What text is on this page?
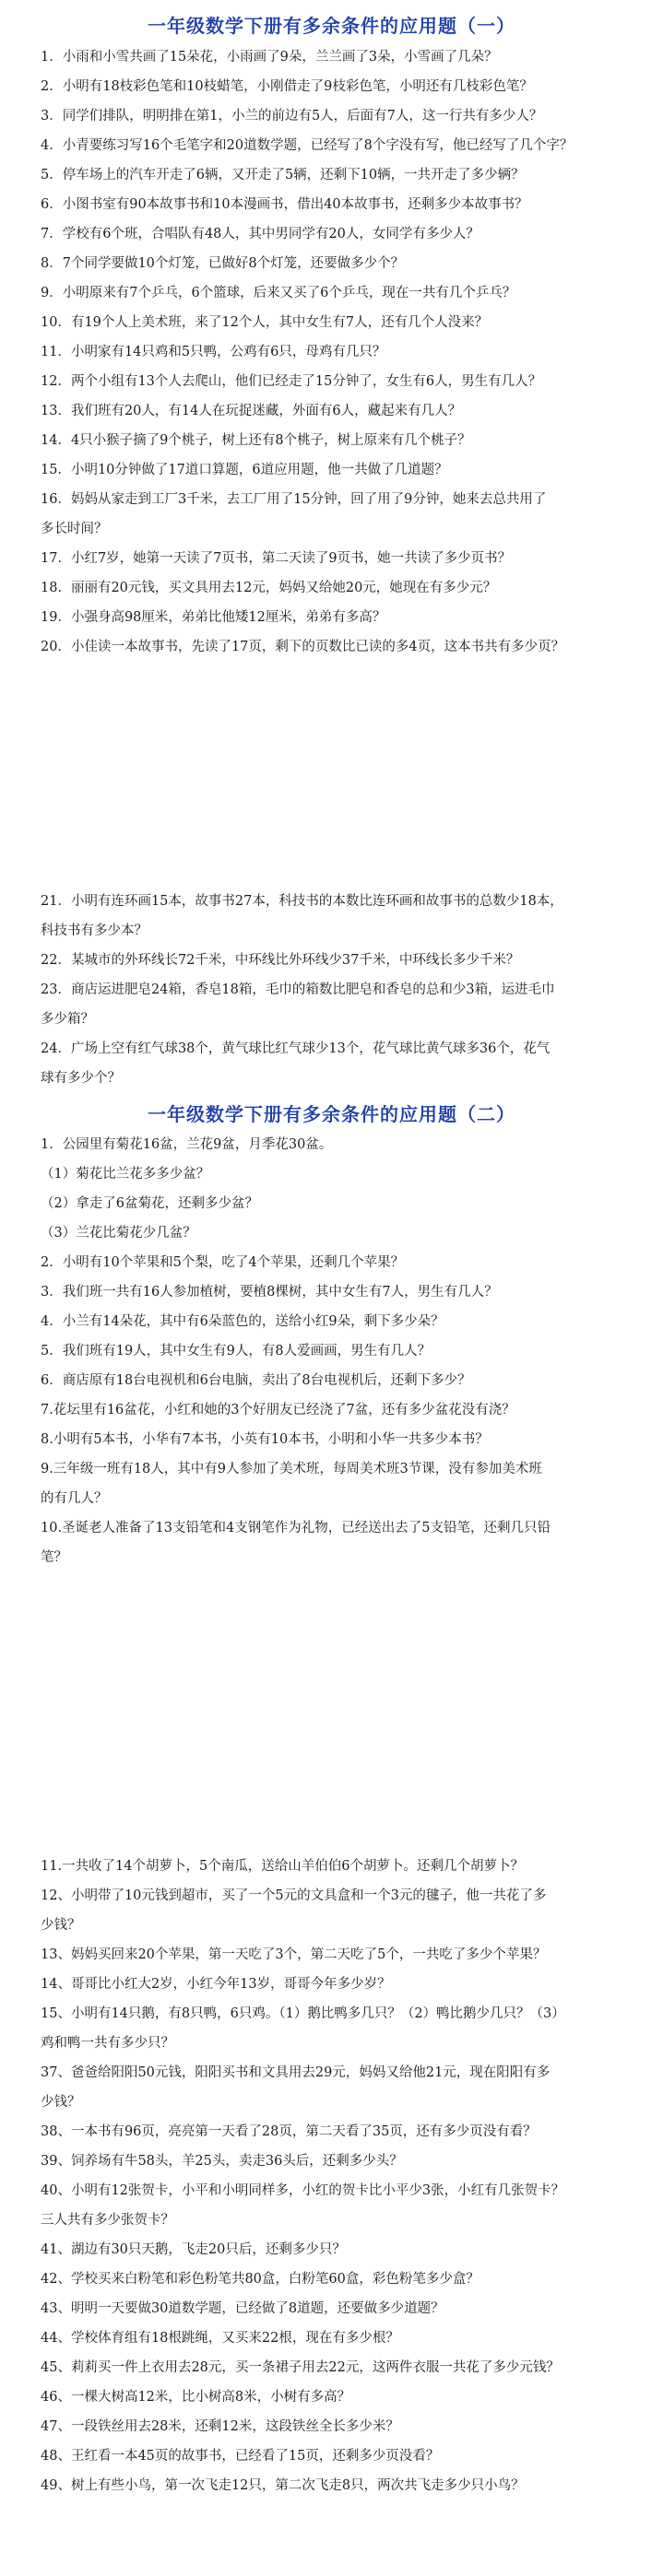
一年级数学下册有多余条件的应用题（一）
1．小雨和小雪共画了15朵花，小雨画了9朵，兰兰画了3朵，小雪画了几朵？
2．小明有18枝彩色笔和10枝蜡笔，小刚借走了9枝彩色笔，小明还有几枝彩色笔？
3．同学们排队，明明排在第1，小兰的前边有5人，后面有7人，这一行共有多少人？
4．小青要练习写16个毛笔字和20道数学题，已经写了8个字没有写，他已经写了几个字？
5．停车场上的汽车开走了6辆，又开走了5辆，还剩下10辆，一共开走了多少辆？
6．小图书室有90本故事书和10本漫画书，借出40本故事书，还剩多少本故事书？
7．学校有6个班，合唱队有48人，其中男同学有20人，女同学有多少人？
8．7个同学要做10个灯笼，已做好8个灯笼，还要做多少个？
9．小明原来有7个乒乓，6个篮球，后来又买了6个乒乓，现在一共有几个乒乓？
10．有19个人上美术班，来了12个人，其中女生有7人，还有几个人没来？
11．小明家有14只鸡和5只鸭，公鸡有6只，母鸡有几只？
12．两个小组有13个人去爬山，他们已经走了15分钟了，女生有6人，男生有几人？
13．我们班有20人，有14人在玩捉迷藏，外面有6人，藏起来有几人？
14．4只小猴子摘了9个桃子，树上还有8个桃子，树上原来有几个桃子？
15．小明10分钟做了17道口算题，6道应用题，他一共做了几道题？
16．妈妈从家走到工厂3千米，去工厂用了15分钟，回了用了9分钟，她来去总共用了
多长时间？
17．小红7岁，她第一天读了7页书，第二天读了9页书，她一共读了多少页书？
18．丽丽有20元钱，买文具用去12元，妈妈又给她20元，她现在有多少元？
19．小强身高98厘米，弟弟比他矮12厘米，弟弟有多高？
20．小佳读一本故事书，先读了17页，剩下的页数比已读的多4页，这本书共有多少页？
21．小明有连环画15本，故事书27本，科技书的本数比连环画和故事书的总数少18本，
科技书有多少本？
22．某城市的外环线长72千米，中环线比外环线少37千米，中环线长多少千米？
23．商店运进肥皂24箱，香皂18箱，毛巾的箱数比肥皂和香皂的总和少3箱，运进毛巾
多少箱？
24．广场上空有红气球38个，黄气球比红气球少13个，花气球比黄气球多36个，花气
球有多少个？
一年级数学下册有多余条件的应用题（二）
1．公园里有菊花16盆，兰花9盆，月季花30盆。
（1）菊花比兰花多多少盆？
（2）拿走了6盆菊花，还剩多少盆？
（3）兰花比菊花少几盆？
2．小明有10个苹果和5个梨，吃了4个苹果，还剩几个苹果？
3．我们班一共有16人参加植树，要植8棵树，其中女生有7人，男生有几人？
4．小兰有14朵花，其中有6朵蓝色的，送给小红9朵，剩下多少朵？
5．我们班有19人，其中女生有9人，有8人爱画画，男生有几人？
6．商店原有18台电视机和6台电脑，卖出了8台电视机后，还剩下多少？
7.花坛里有16盆花，小红和她的3个好朋友已经浇了7盆，还有多少盆花没有浇？
8.小明有5本书，小华有7本书，小英有10本书，小明和小华一共多少本书？
9.三年级一班有18人，其中有9人参加了美术班，每周美术班3节课，没有参加美术班
的有几人？
10.圣诞老人准备了13支铅笔和4支钢笔作为礼物，已经送出去了5支铅笔，还剩几只铅
笔？
11.一共收了14个胡萝卜，5个南瓜，送给山羊伯伯6个胡萝卜。还剩几个胡萝卜？
12、小明带了10元钱到超市，买了一个5元的文具盒和一个3元的毽子，他一共花了多
少钱？
13、妈妈买回来20个苹果，第一天吃了3个，第二天吃了5个，一共吃了多少个苹果？
14、哥哥比小红大2岁，小红今年13岁，哥哥今年多少岁？
15、小明有14只鹅，有8只鸭，6只鸡。（1）鹅比鸭多几只？（2）鸭比鹅少几只？（3）
鸡和鸭一共有多少只？
37、爸爸给阳阳50元钱，阳阳买书和文具用去29元，妈妈又给他21元，现在阳阳有多
少钱？
38、一本书有96页，亮亮第一天看了28页，第二天看了35页，还有多少页没有看？
39、饲养场有牛58头，羊25头，卖走36头后，还剩多少头？
40、小明有12张贺卡，小平和小明同样多，小红的贺卡比小平少3张，小红有几张贺卡？
三人共有多少张贺卡？
41、湖边有30只天鹅，飞走20只后，还剩多少只？
42、学校买来白粉笔和彩色粉笔共80盒，白粉笔60盒，彩色粉笔多少盒？
43、明明一天要做30道数学题，已经做了8道题，还要做多少道题？
44、学校体育组有18根跳绳，又买来22根，现在有多少根？
45、莉莉买一件上衣用去28元，买一条裙子用去22元，这两件衣服一共花了多少元钱？
46、一棵大树高12米，比小树高8米，小树有多高？
47、一段铁丝用去28米，还剩12米，这段铁丝全长多少米？
48、王红看一本45页的故事书，已经看了15页，还剩多少页没看？
49、树上有些小鸟，第一次飞走12只，第二次飞走8只，两次共飞走多少只小鸟？
